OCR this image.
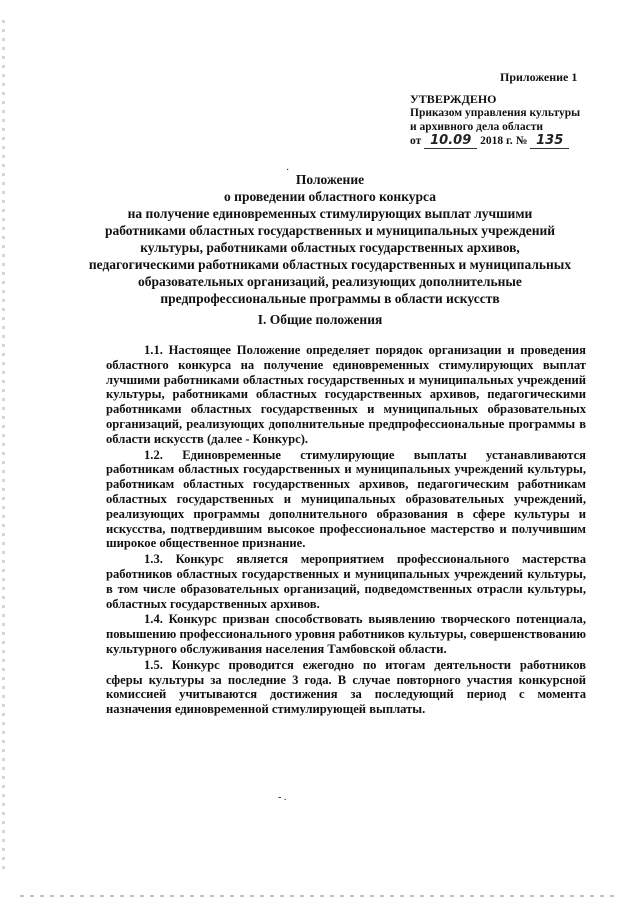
Приложение 1
УТВЕРЖДЕНО
Приказом управления культуры
и архивного дела области
от 10.09 2018 г. № 135
·
Положение
о проведении областного конкурса
на получение единовременных стимулирующих выплат лучшими
работниками областных государственных и муниципальных учреждений
культуры, работниками областных государственных архивов,
педагогическими работниками областных государственных и муниципальных
образовательных организаций, реализующих дополнительные
предпрофессиональные программы в области искусств
I. Общие положения

1.1. Настоящее Положение определяет порядок организации и проведения областного конкурса на получение единовременных стимулирующих выплат лучшими работниками областных государственных и муниципальных учреждений культуры, работниками областных государственных архивов, педагогическими работниками областных государственных и муниципальных образовательных организаций, реализующих дополнительные предпрофессиональные программы в области искусств (далее - Конкурс).

1.2. Единовременные стимулирующие выплаты устанавливаются работникам областных государственных и муниципальных учреждений культуры, работникам областных государственных архивов, педагогическим работникам областных государственных и муниципальных образовательных учреждений, реализующих программы дополнительного образования в сфере культуры и искусства, подтвердившим высокое профессиональное мастерство и получившим широкое общественное признание.

1.3. Конкурс является мероприятием профессионального мастерства работников областных государственных и муниципальных учреждений культуры, в том числе образовательных организаций, подведомственных отрасли культуры, областных государственных архивов.

1.4. Конкурс призван способствовать выявлению творческого потенциала, повышению профессионального уровня работников культуры, совершенствованию культурного обслуживания населения Тамбовской области.

1.5. Конкурс проводится ежегодно по итогам деятельности работников сферы культуры за последние 3 года. В случае повторного участия конкурсной комиссией учитываются достижения за последующий период с момента назначения единовременной стимулирующей выплаты.

- .
